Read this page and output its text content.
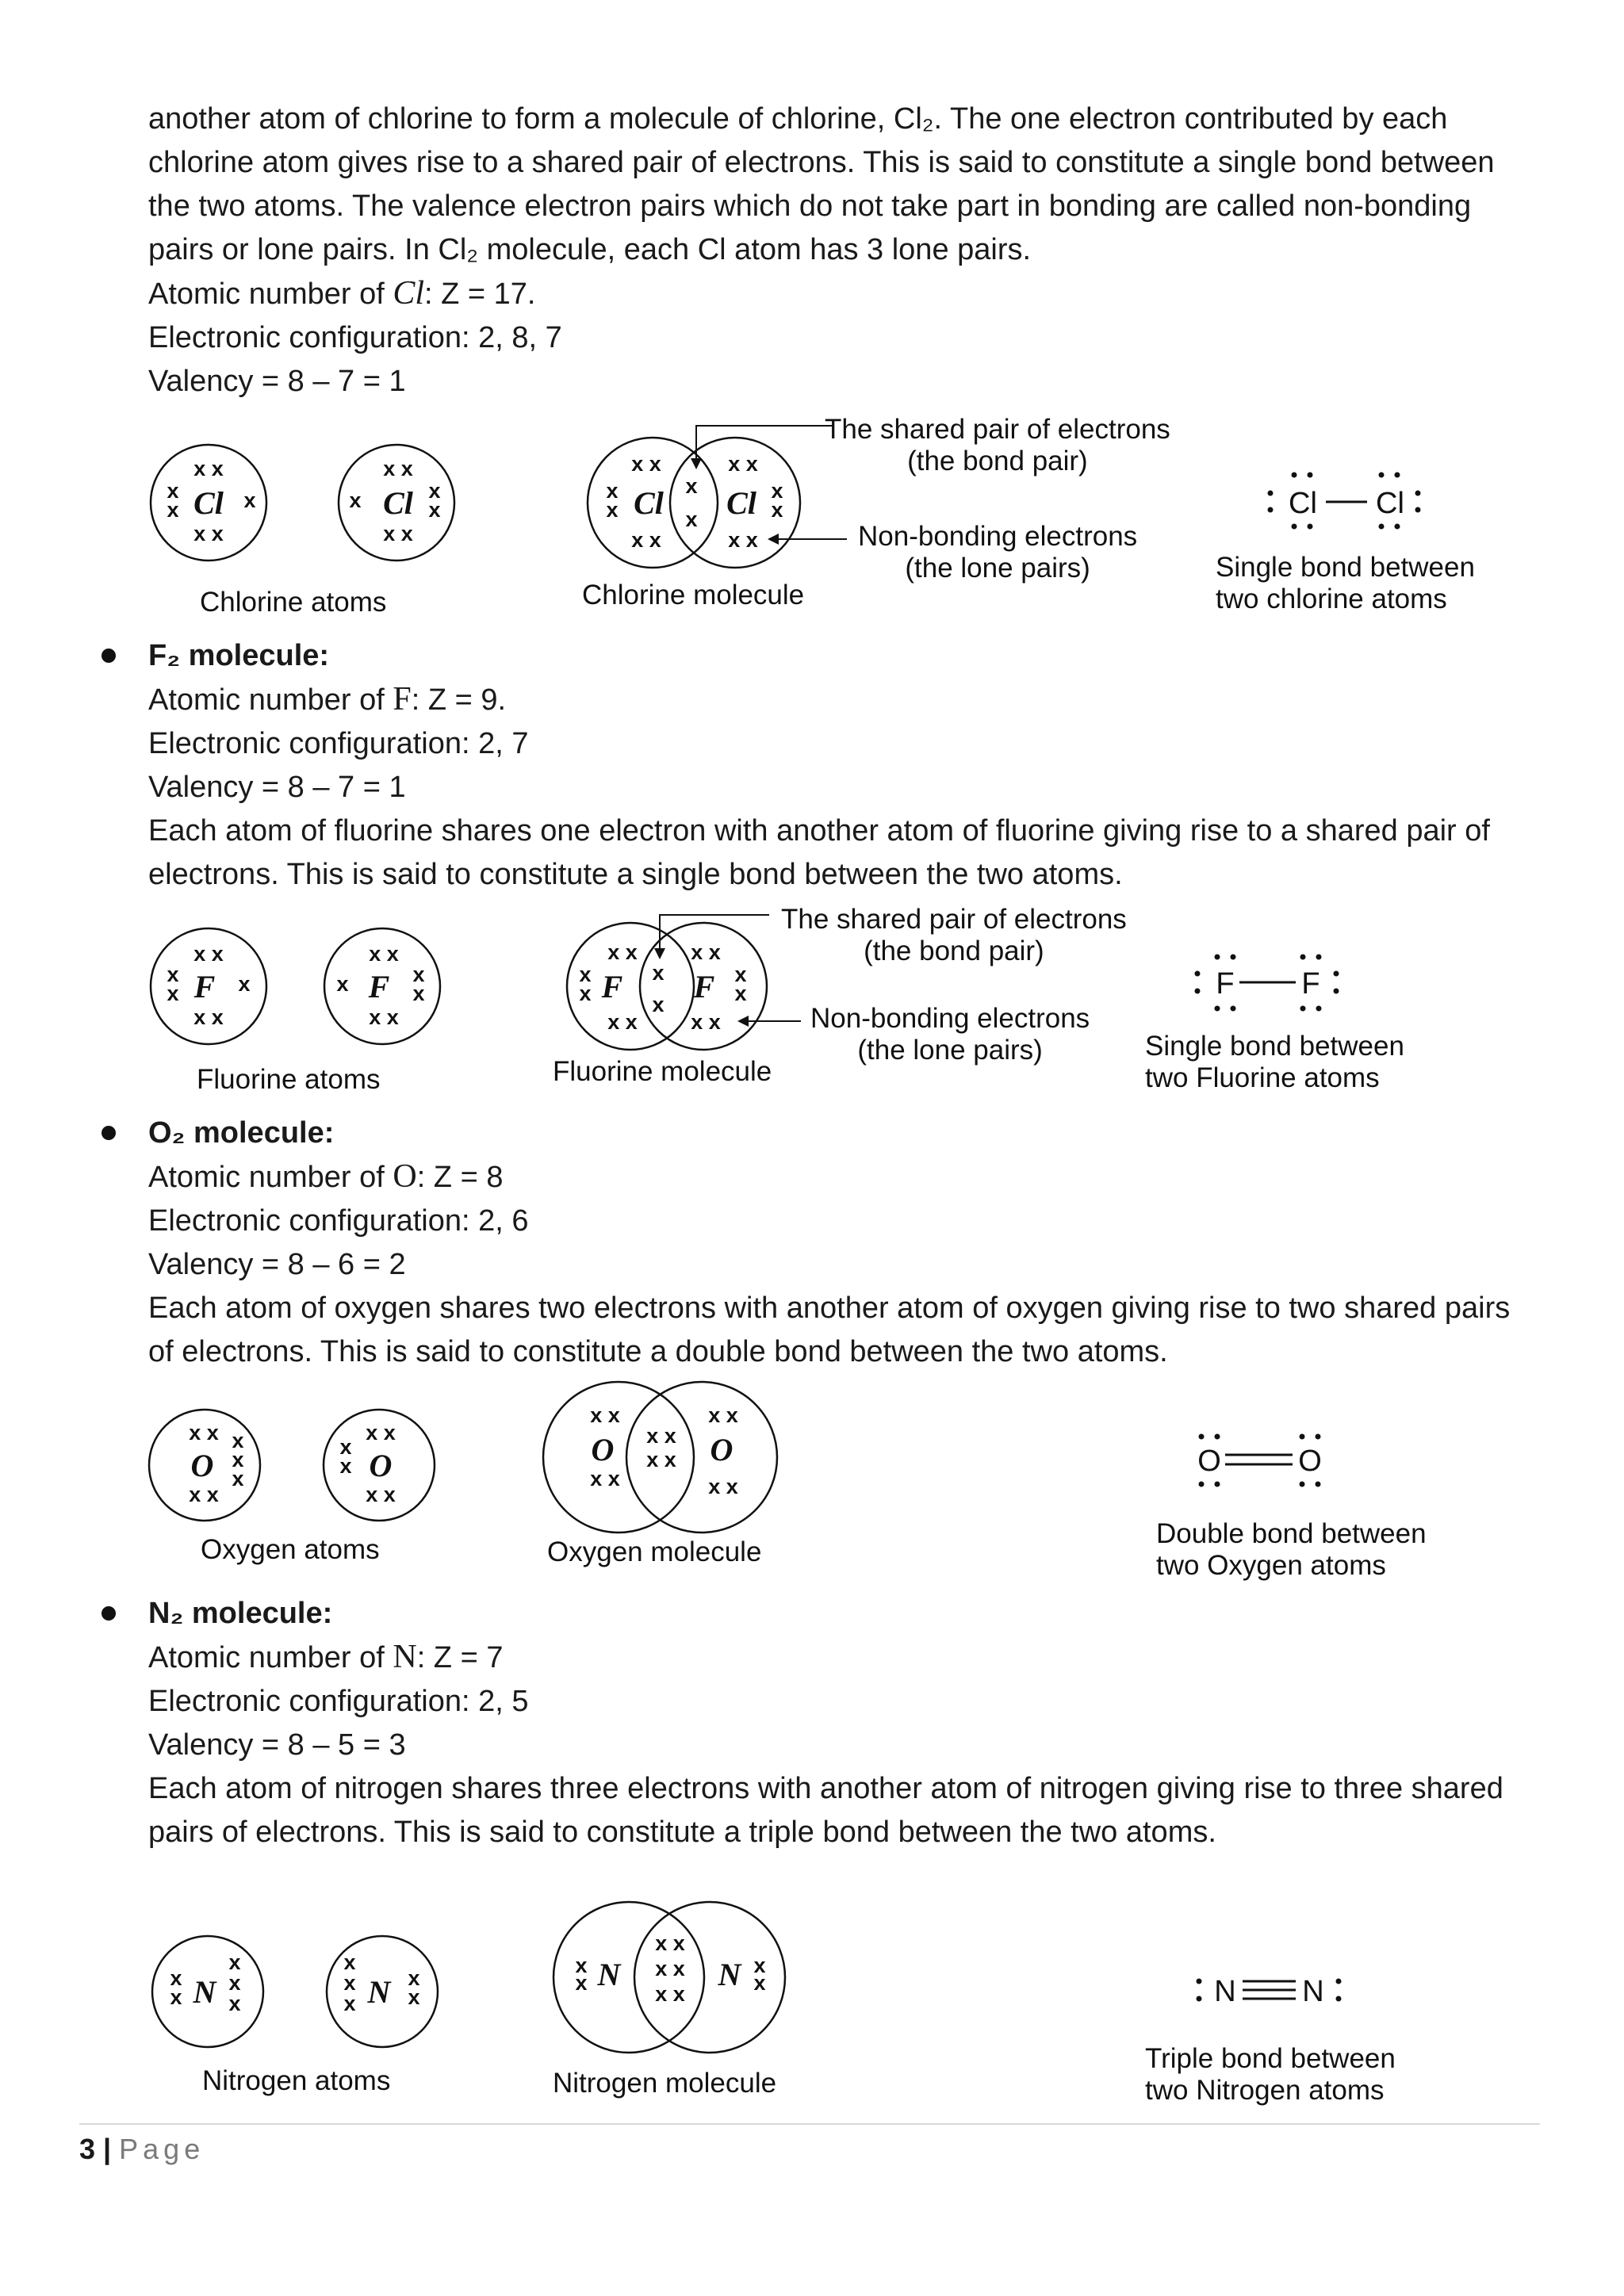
another atom of chlorine to form a molecule of chlorine, Cl₂. The one electron contributed by each
chlorine atom gives rise to a shared pair of electrons. This is said to constitute a single bond between
the two atoms. The valence electron pairs which do not take part in bonding are called non-bonding
pairs or lone pairs. In Cl₂ molecule, each Cl atom has 3 lone pairs.
Atomic number of Cl: Z = 17.
Electronic configuration: 2, 8, 7
Valency = 8 – 7 = 1
Cl
x x
x x
x
x	x	Cl
x x
x x
x	x
x	Cl Cl
x x
x x
x
x
x x
x x
x
x
x
x	Cl Cl
The shared pair of electrons
(the bond pair)
Non-bonding electrons
(the lone pairs)
Chlorine atoms	Chlorine molecule
Single bond between
two chlorine atoms
F₂ molecule:
Atomic number of F: Z = 9.
Electronic configuration: 2, 7
Valency = 8 – 7 = 1
Each atom of fluorine shares one electron with another atom of fluorine giving rise to a shared pair of
electrons. This is said to constitute a single bond between the two atoms.
F
x x
x x
x
x	x	F
x x
x x
x	x
x	F F
x x
x x
x
x
x x
x x
x
x
x
x
F F
The shared pair of electrons
(the bond pair)
Non-bonding electrons
(the lone pairs)
Fluorine atoms	Fluorine molecule
Single bond between
two Fluorine atoms
O₂ molecule:
Atomic number of O: Z = 8
Electronic configuration: 2, 6
Valency = 8 – 6 = 2
Each atom of oxygen shares two electrons with another atom of oxygen giving rise to two shared pairs
of electrons. This is said to constitute a double bond between the two atoms.
O
x x
x x
x
x
x	O
x x
x x
x
x	O	O
x x
x x
x x
x x
x x
x x	O	O
Oxygen atoms	Oxygen molecule
Double bond between
two Oxygen atoms
N₂ molecule:
Atomic number of N: Z = 7
Electronic configuration: 2, 5
Valency = 8 – 5 = 3
Each atom of nitrogen shares three electrons with another atom of nitrogen giving rise to three shared
pairs of electrons. This is said to constitute a triple bond between the two atoms.
N
x
x
x
x
x	N
x
x
x
x
x
N	N
x
x
x
x
x x
x x
x x	N N
Nitrogen atoms	Nitrogen molecule
Triple bond between
two Nitrogen atoms
3 | Page
